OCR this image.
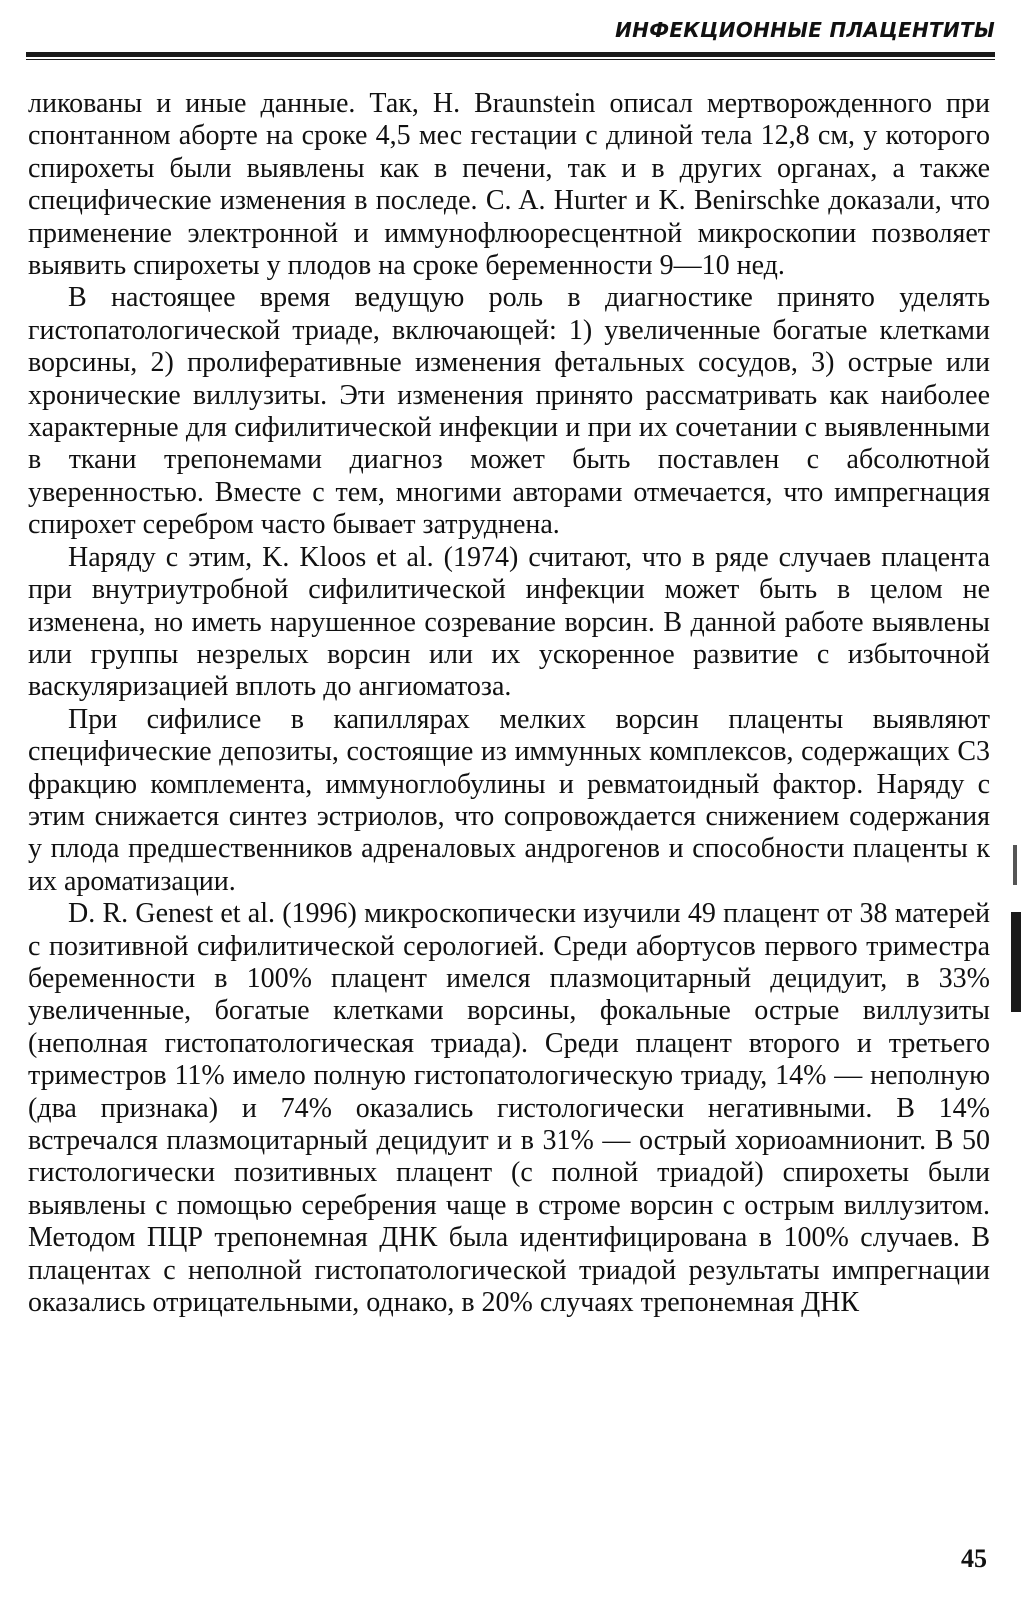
ИНФЕКЦИОННЫЕ ПЛАЦЕНТИТЫ

ликованы и иные данные. Так, H. Braunstein описал мертворожденного при спонтанном аборте на сроке 4,5 мес гестации с длиной тела 12,8 см, у которого спирохеты были выявлены как в печени, так и в других органах, а также специфические изменения в последе. C. A. Hurter и K. Benirschke доказали, что применение электронной и иммунофлюоресцентной микроскопии позволяет выявить спирохеты у плодов на сроке беременности 9—10 нед.

В настоящее время ведущую роль в диагностике принято уделять гистопатологической триаде, включающей: 1) увеличенные богатые клетками ворсины, 2) пролиферативные изменения фетальных сосудов, 3) острые или хронические виллузиты. Эти изменения принято рассматривать как наиболее характерные для сифилитической инфекции и при их сочетании с выявленными в ткани трепонемами диагноз может быть поставлен с абсолютной уверенностью. Вместе с тем, многими авторами отмечается, что импрегнация спирохет серебром часто бывает затруднена.

Наряду с этим, K. Kloos et al. (1974) считают, что в ряде случаев плацента при внутриутробной сифилитической инфекции может быть в целом не изменена, но иметь нарушенное созревание ворсин. В данной работе выявлены или группы незрелых ворсин или их ускоренное развитие с избыточной васкуляризацией вплоть до ангиоматоза.

При сифилисе в капиллярах мелких ворсин плаценты выявляют специфические депозиты, состоящие из иммунных комплексов, содержащих C3 фракцию комплемента, иммуноглобулины и ревматоидный фактор. Наряду с этим снижается синтез эстриолов, что сопровождается снижением содержания у плода предшественников адреналовых андрогенов и способности плаценты к их ароматизации.

D. R. Genest et al. (1996) микроскопически изучили 49 плацент от 38 матерей с позитивной сифилитической серологией. Среди абортусов первого триместра беременности в 100% плацент имелся плазмоцитарный децидуит, в 33% увеличенные, богатые клетками ворсины, фокальные острые виллузиты (неполная гистопатологическая триада). Среди плацент второго и третьего триместров 11% имело полную гистопатологическую триаду, 14% — неполную (два признака) и 74% оказались гистологически негативными. В 14% встречался плазмоцитарный децидуит и в 31% — острый хориоамнионит. В 50 гистологически позитивных плацент (с полной триадой) спирохеты были выявлены с помощью серебрения чаще в строме ворсин с острым виллузитом. Методом ПЦР трепонемная ДНК была идентифицирована в 100% случаев. В плацентах с неполной гистопатологической триадой результаты импрегнации оказались отрицательными, однако, в 20% случаях трепонемная ДНК

45
